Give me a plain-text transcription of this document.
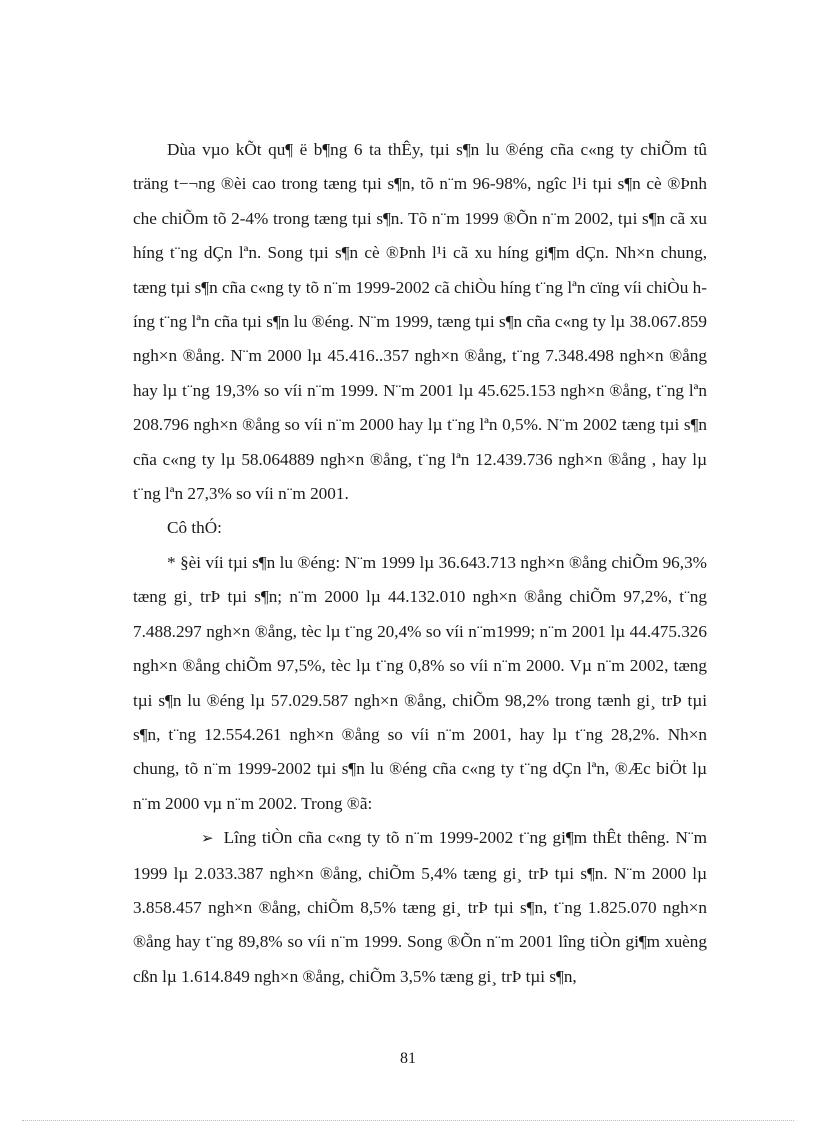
Dùa vµo kÕt qu¶ ë b¶ng 6 ta thÊy, tµi s¶n lu ®éng cña c«ng ty chiÕm tû träng t−¬ng ®èi cao trong tæng tµi s¶n, tõ n¨m 96-98%, ngîc l¹i tµi s¶n cè ®Þnh che chiÕm tõ 2-4% trong tæng tµi s¶n. Tõ n¨m 1999 ®Õn n¨m 2002, tµi s¶n cã xu híng t¨ng dÇn lªn. Song tµi s¶n cè ®Þnh l¹i cã xu híng gi¶m dÇn. Nh×n chung, tæng tµi s¶n cña c«ng ty tõ n¨m 1999-2002 cã chiÒu híng t¨ng lªn cïng víi chiÒu híng t¨ng lªn cña tµi s¶n lu ®éng. N¨m 1999, tæng tµi s¶n cña c«ng ty lµ 38.067.859 ngh×n ®ång. N¨m 2000 lµ 45.416..357 ngh×n ®ång, t¨ng 7.348.498 ngh×n ®ång hay lµ t¨ng 19,3% so víi n¨m 1999. N¨m 2001 lµ 45.625.153 ngh×n ®ång, t¨ng lªn 208.796 ngh×n ®ång so víi n¨m 2000 hay lµ t¨ng lªn 0,5%. N¨m 2002 tæng tµi s¶n cña c«ng ty lµ 58.064889 ngh×n ®ång, t¨ng lªn 12.439.736 ngh×n ®ång , hay lµ t¨ng lªn 27,3% so víi n¨m 2001.

Cô thÓ:

* §èi víi tµi s¶n lu ®éng: N¨m 1999 lµ 36.643.713 ngh×n ®ång chiÕm 96,3% tæng gi¸ trÞ tµi s¶n; n¨m 2000 lµ 44.132.010 ngh×n ®ång chiÕm 97,2%, t¨ng 7.488.297 ngh×n ®ång, tèc lµ t¨ng 20,4% so víi n¨m1999; n¨m 2001 lµ 44.475.326 ngh×n ®ång chiÕm 97,5%, tèc lµ t¨ng 0,8% so víi n¨m 2000. Vµ n¨m 2002, tæng tµi s¶n lu ®éng lµ 57.029.587 ngh×n ®ång, chiÕm 98,2% trong tænh gi¸ trÞ tµi s¶n, t¨ng 12.554.261 ngh×n ®ång so víi n¨m 2001, hay lµ t¨ng 28,2%. Nh×n chung, tõ n¨m 1999-2002 tµi s¶n lu ®éng cña c«ng ty t¨ng dÇn lªn, ®Æc biÖt lµ n¨m 2000 vµ n¨m 2002. Trong ®ã:

➢ Lîng tiÒn cña c«ng ty tõ n¨m 1999-2002 t¨ng gi¶m thÊt thêng. N¨m 1999 lµ 2.033.387 ngh×n ®ång, chiÕm 5,4% tæng gi¸ trÞ tµi s¶n. N¨m 2000 lµ 3.858.457 ngh×n ®ång, chiÕm 8,5% tæng gi¸ trÞ tµi s¶n, t¨ng 1.825.070 ngh×n ®ång hay t¨ng 89,8% so víi n¨m 1999. Song ®Õn n¨m 2001 lîng tiÒn gi¶m xuèng cßn lµ 1.614.849 ngh×n ®ång, chiÕm 3,5% tæng gi¸ trÞ tµi s¶n,

81
